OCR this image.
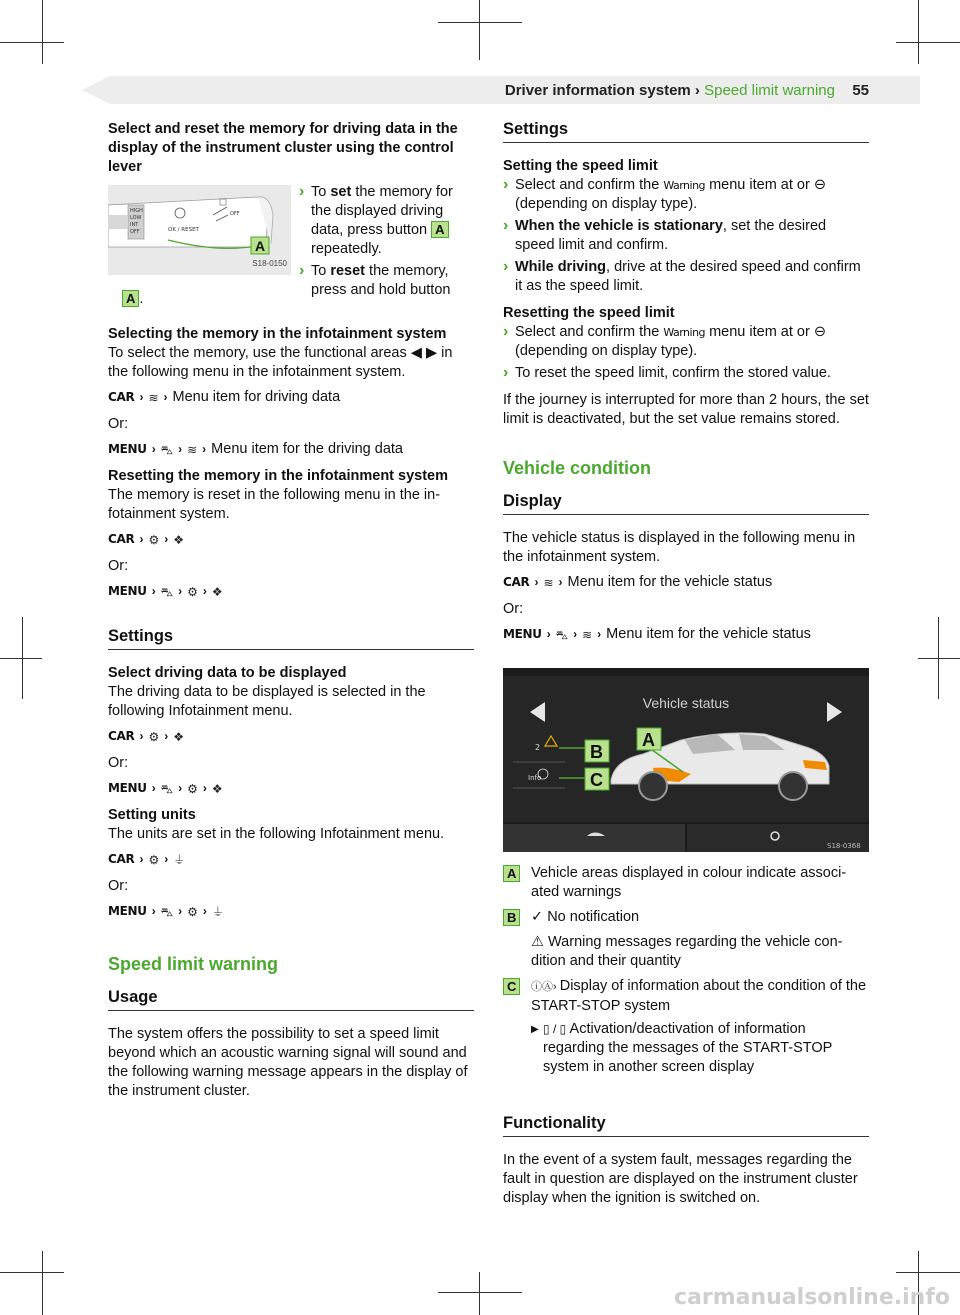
Driver information system › Speed limit warning 55

Select and reset the memory for driving data in the display of the instrument cluster using the control lever

A .

Selecting the memory in the infotainment system
To select the memory, use the functional areas ◀ ▶ in the following menu in the infotainment system.

CAR › ≋ › Menu item for driving data

Or:

MENU › ⛍ › ≋ › Menu item for the driving data

Resetting the memory in the infotainment system
The memory is reset in the following menu in the infotainment system.

CAR › ⚙ › ❖

Or:

MENU › ⛍ › ⚙ › ❖
Settings

Select driving data to be displayed
The driving data to be displayed is selected in the following Infotainment menu.

CAR › ⚙ › ❖

Or:

MENU › ⛍ › ⚙ › ❖

Setting units
The units are set in the following Infotainment menu.

CAR › ⚙ › ⏚

Or:

MENU › ⛍ › ⚙ › ⏚
Speed limit warning
Usage

The system offers the possibility to set a speed limit beyond which an acoustic warning signal will sound and the following warning message appears in the display of the instrument cluster.

HIGH
LOW
INT
OFF	OK / RESET
OFF
A
S18-0150
› To set the memory for the displayed driving data, press button A repeatedly.
› To reset the memory, press and hold button
Settings

Setting the speed limit

› Select and confirm the Warning menu item at or ⊖ (depending on display type).
› When the vehicle is stationary, set the desired speed limit and confirm.
› While driving, drive at the desired speed and confirm it as the speed limit.

Resetting the speed limit

› Select and confirm the Warning menu item at or ⊖ (depending on display type).
› To reset the speed limit, confirm the stored value.

If the journey is interrupted for more than 2 hours, the set limit is deactivated, but the set value remains stored.

Vehicle condition
Display

The vehicle status is displayed in the following menu in the infotainment system.

CAR › ≋ › Menu item for the vehicle status

Or:

MENU › ⛍ › ≋ › Menu item for the vehicle status
Vehicle status
2
Info
B
C
A
S18-0368
A Vehicle areas displayed in colour indicate associated warnings
B ✓ No notification
⚠ Warning messages regarding the vehicle condition and their quantity
C	ⓘⒶ› Display of information about the condition of the START-STOP system
▶ ▯ / ▯ Activation/deactivation of information regarding the messages of the START-STOP system in another screen display
Functionality

In the event of a system fault, messages regarding the fault in question are displayed on the instrument cluster display when the ignition is switched on.

carmanualsonline.info
